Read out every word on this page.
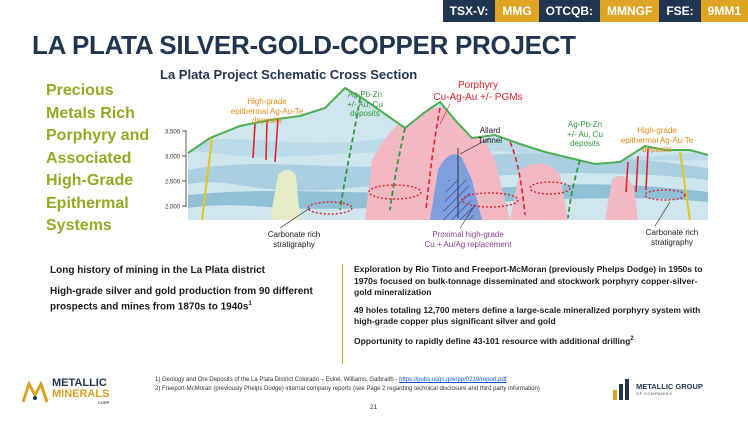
TSX-V:	MMG	OTCQB:	MMNGF	FSE:	9MM1
LA PLATA SILVER-GOLD-COPPER PROJECT
Precious
Metals Rich
Porphyry and
Associated
High-Grade
Epithermal
Systems
La Plata Project Schematic Cross Section
3,500
3,000
2,500
2,000
High-grade
epithermal Ag-Au-Te
deposits
Ag-Pb-Zn
+/- Au, Cu
deposits
Porphyry
Cu-Ag-Au +/- PGMs
Allard
Tunnel
Ag-Pb-Zn
+/- Au, Cu
deposits
High-grade
epithermal Ag-Au-Te
deposits
Carbonate rich
stratigraphy
Proximal high-grade
Cu + Au/Ag replacement
Carbonate rich
stratigraphy

Long history of mining in the La Plata district

High-grade silver and gold production from 90 different prospects and mines from 1870s to $1940s^1$

Exploration by Rio Tinto and Freeport-McMoran (previously Phelps Dodge) in 1950s to 1970s focused on bulk-tonnage disseminated and stockwork porphyry copper-silver-gold mineralization

49 holes totaling 12,700 meters define a large-scale mineralized porphyry system with high-grade copper plus significant silver and gold

Opportunity to rapidly define 43-101 resource with additional drilling$^2$

1) Geology and Ore Deposits of the La Plata District Colorado – Eckel, Williams, Galbraith - https://pubs.usgs.gov/pp/0219/report.pdf
2) Freeport-McMoran (previously Phelps Dodge) internal company reports (see Page 2 regarding technical disclosure and third party information)
21
METALLIC
MINERALS
CORP
METALLIC GROUP
OF COMPANIES
